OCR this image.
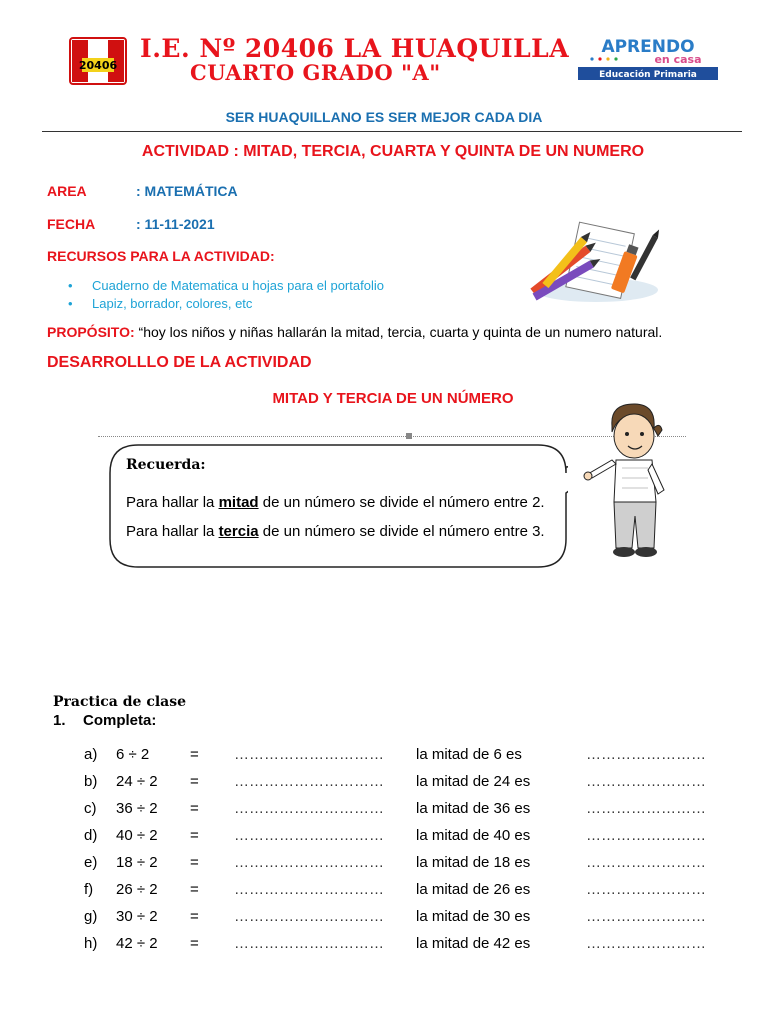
20406
I.E. Nº 20406 LA HUAQUILLA
CUARTO GRADO "A"
APRENDO
en casa
Educación Primaria
SER HUAQUILLANO ES SER MEJOR CADA DIA
ACTIVIDAD : MITAD, TERCIA, CUARTA Y QUINTA DE UN NUMERO
AREA	: MATEMÁTICA
FECHA	: 11-11-2021
RECURSOS PARA LA ACTIVIDAD:
Cuaderno de Matematica u hojas para el portafolio
Lapiz, borrador, colores, etc
PROPÓSITO: “hoy los niños y niñas hallarán la mitad, tercia, cuarta y quinta de un numero natural.
DESARROLLLO DE LA ACTIVIDAD
MITAD Y TERCIA DE UN NÚMERO
Recuerda:
Para hallar la mitad de un número se divide el número entre 2.
Para hallar la tercia de un número se divide el número entre 3.
Practica de clase
1. Completa:
a) 6 ÷ 2	= ………………………… la mitad de 6 es	……………………
b) 24 ÷ 2 = ………………………… la mitad de 24 es	……………………
c) 36 ÷ 2 = ………………………… la mitad de 36 es	……………………
d) 40 ÷ 2 = ………………………… la mitad de 40 es	……………………
e) 18 ÷ 2 = ………………………… la mitad de 18 es	……………………
f) 26 ÷ 2 = ………………………… la mitad de 26 es	……………………
g) 30 ÷ 2 = ………………………… la mitad de 30 es	……………………
h) 42 ÷ 2 = ………………………… la mitad de 42 es	……………………
